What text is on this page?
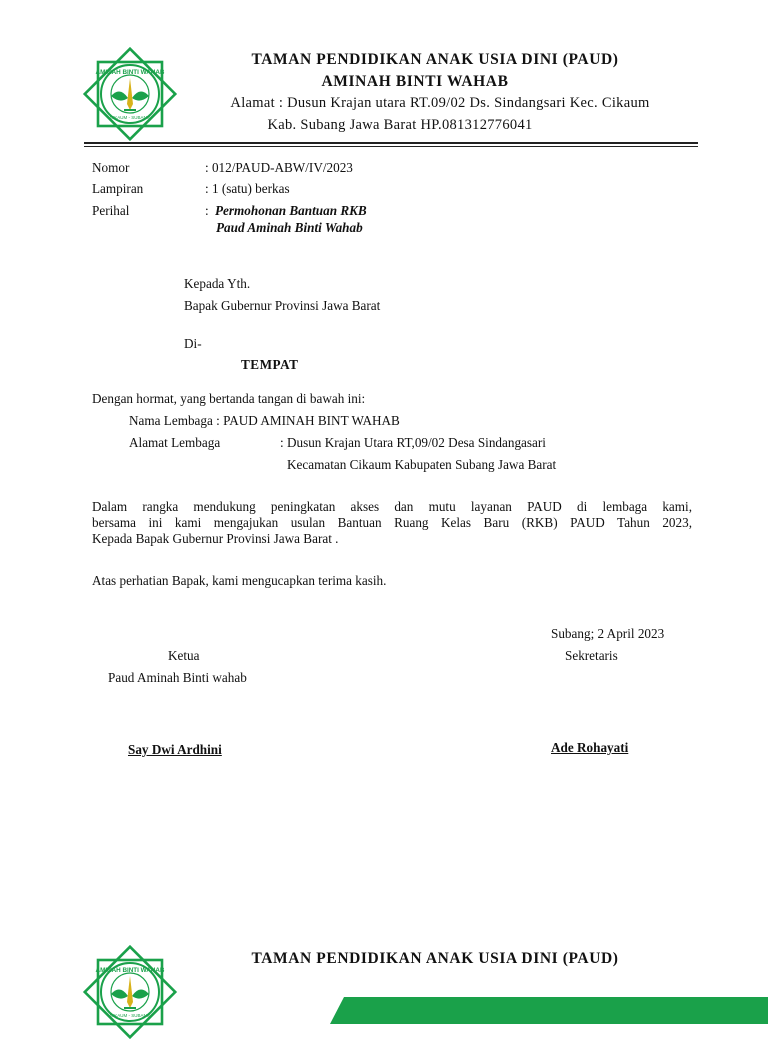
AMINAH BINTI WAHAB
CIKAUM - SUBANG
TAMAN PENDIDIKAN ANAK USIA DINI (PAUD)
AMINAH BINTI WAHAB
Alamat : Dusun Krajan utara RT.09/02 Ds. Sindangsari Kec. Cikaum
Kab. Subang Jawa Barat HP.081312776041
Nomor	: 012/PAUD-ABW/IV/2023
Lampiran	: 1 (satu) berkas
Perihal	: Permohonan Bantuan RKB
Paud Aminah Binti Wahab
Kepada Yth.
Bapak Gubernur Provinsi Jawa Barat
Di-
TEMPAT
Dengan hormat, yang bertanda tangan di bawah ini:
Nama Lembaga : PAUD AMINAH BINT WAHAB
Alamat Lembaga	: Dusun Krajan Utara RT,09/02 Desa Sindangasari
Kecamatan Cikaum Kabupaten Subang Jawa Barat
Dalam rangka mendukung peningkatan akses dan mutu layanan PAUD di lembaga kami,
bersama ini kami mengajukan usulan Bantuan Ruang Kelas Baru (RKB) PAUD Tahun 2023,
Kepada Bapak Gubernur Provinsi Jawa Barat .
Atas perhatian Bapak, kami mengucapkan terima kasih.
Subang; 2 April 2023
Ketua	Sekretaris
Paud Aminah Binti wahab
Say Dwi Ardhini	Ade Rohayati
AMINAH BINTI WAHAB
CIKAUM - SUBANG
TAMAN PENDIDIKAN ANAK USIA DINI (PAUD)
